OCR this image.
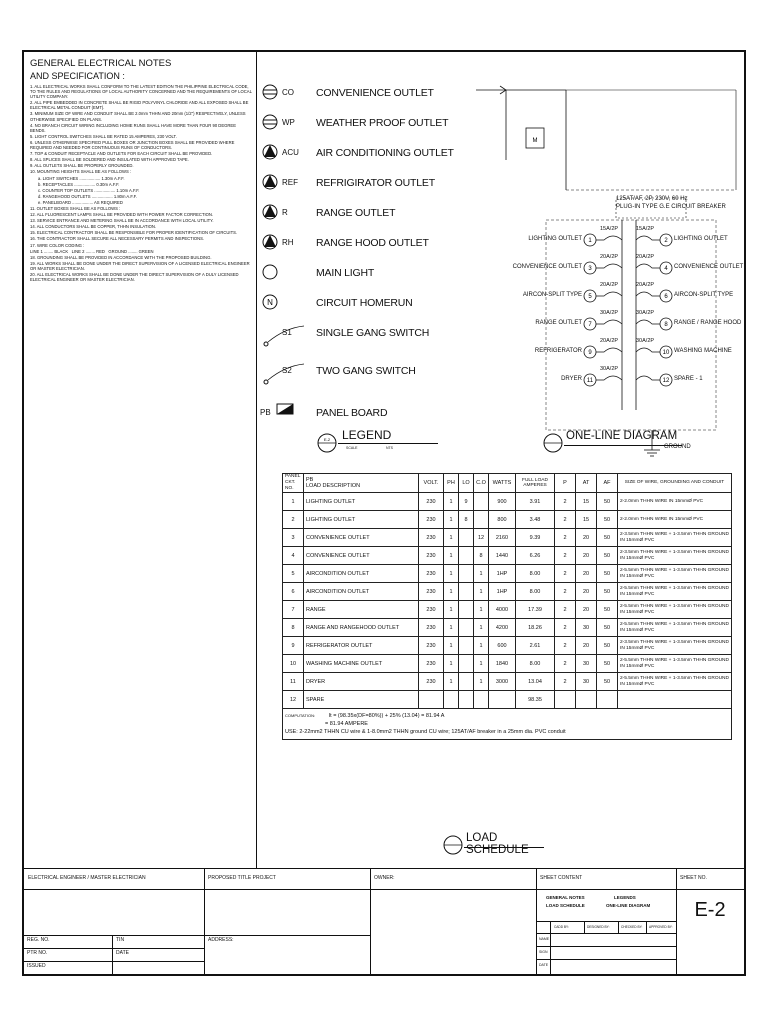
GENERAL ELECTRICAL NOTES
AND SPECIFICATION :
1. ALL ELECTRICAL WORKS SHALL CONFORM TO THE LATEST EDITION THE PHILIPPINE ELECTRICAL CODE, TO THE RULES AND REGULATIONS OF LOCAL AUTHORITY CONCERNED AND THE REQUIREMENTS OF LOCAL UTILITY COMPANY.
2. ALL PIPE EMBEDDED IN CONCRETE SHALL BE RIGID POLYVINYL CHLORIDE AND ALL EXPOSED SHALL BE ELECTRICAL METAL CONDUIT (EMT).
3. MINIMUM SIZE OF WIRE AND CONDUIT SHALL BE 2.0mm THHN AND 20mm (1/2") RESPECTIVELY, UNLESS OTHERWISE SPECIFIED ON PLANS.
4. NO BRANCH CIRCUIT WIRING INCLUDING HOME RUNS SHALL HAVE MORE THAN FOUR 90 DEGREE BENDS.
5. LIGHT CONTROL SWITCHES SHALL BE RATED 15 AMPERES, 230 VOLT.
6. UNLESS OTHERWISE SPECIFIED PULL BOXES OR JUNCTION BOXES SHALL BE PROVIDED WHERE REQUIRED AND NEEDED FOR CONTINUOUS RUNS OF CONDUCTORS.
7. TOP & CONDUIT RECEPTACLE AND OUTLETS FOR EACH CIRCUIT SHALL BE PROVIDED.
8. ALL SPLICES SHALL BE SOLDERED AND INSULATED WITH APPROVED TAPE.
9. ALL OUTLETS SHALL BE PROPERLY GROUNDED.
10. MOUNTING HEIGHTS SHALL BE AS FOLLOWS :
a. LIGHT SWITCHES .................. 1.30m A.F.F.
b. RECEPTACLES .................. 0.30m A.F.F.
c. COUNTER TOP OUTLETS .................. 1.10m A.F.F.
d. RANGEHOOD OUTLETS .................. 1.80m A.F.F.
e. PANELBOARD .................. AS REQUIRED
11. OUTLET BOXES SHALL BE AS FOLLOWS :
12. ALL FLUORESCENT LAMPS SHALL BE PROVIDED WITH POWER FACTOR CORRECTION.
13. SERVICE ENTRANCE AND METERING SHALL BE IN ACCORDANCE WITH LOCAL UTILITY.
14. ALL CONDUCTORS SHALL BE COPPER, THHN INSULATION.
15. ELECTRICAL CONTRACTOR SHALL BE RESPONSIBLE FOR PROPER IDENTIFICATION OF CIRCUITS.
16. THE CONTRACTOR SHALL SECURE ALL NECESSARY PERMITS AND INSPECTIONS.
17. WIRE COLOR CODING :
LINE 1 ........ BLACK   LINE 2 ........ RED   GROUND ........ GREEN
18. GROUNDING SHALL BE PROVIDED IN ACCORDANCE WITH THE PROPOSED BUILDING.
19. ALL WORKS SHALL BE DONE UNDER THE DIRECT SUPERVISION OF A LICENSED ELECTRICAL ENGINEER OR MASTER ELECTRICIAN.
20. ALL ELECTRICAL WORKS SHALL BE DONE UNDER THE DIRECT SUPERVISION OF A DULY LICENSED ELECTRICAL ENGINEER OR MASTER ELECTRICIAN.
CO CONVENIENCE OUTLET
WP WEATHER PROOF OUTLET
ACU AIR CONDITIONING OUTLET
REF REFRIGIRATOR OUTLET
R	RANGE OUTLET
RH RANGE HOOD OUTLET
MAIN LIGHT
N	CIRCUIT HOMERUN
S1 SINGLE GANG SWITCH
S2 TWO GANG SWITCH
PB	PANEL BOARD
E-2 LEGEND
SCALE	NTS
M
1
3
5
7
9
11
2
4
6
8
10
12
125AT/AF, 2P, 230V, 60 Hz
PLUG-IN TYPE G.E CIRCUIT BREAKER
LIGHTING OUTLET
15A/2P
CONVENIENCE OUTLET
20A/2P
AIRCON-SPLIT TYPE
20A/2P
RANGE OUTLET
30A/2P
REFRIGERATOR
20A/2P
DRYER
30A/2P
LIGHTING OUTLET
15A/2P
CONVENIENCE OUTLET
20A/2P
AIRCON-SPLIT TYPE
20A/2P
RANGE / RANGE HOOD
30A/2P
WASHING MACHINE
30A/2P
SPARE - 1
GROUND
ONE-LINE DIAGRAM
PANEL
CKT.
NO.	PB
LOAD DESCRIPTION	VOLT.	PH	LO	C.O	WATTS	FULL LOAD AMPERES	P	AT	AF	SIZE OF WIRE, GROUNDING AND CONDUIT
1	LIGHTING OUTLET	230	1	9		900	3.91	2	15	50	2-2.0mm THHN WIRE IN 15mmØ PVC
2	LIGHTING OUTLET	230	1	8		800	3.48	2	15	50	2-2.0mm THHN WIRE IN 15mmØ PVC
3	CONVENIENCE OUTLET	230	1		12	2160	9.39	2	20	50	2-3.5mm THHN WIRE + 1-3.5mm THHN GROUND IN 15mmØ PVC
4	CONVENIENCE OUTLET	230	1		8	1440	6.26	2	20	50	2-3.5mm THHN WIRE + 1-3.5mm THHN GROUND IN 15mmØ PVC
5	AIRCONDITION OUTLET	230	1		1	1HP	8.00	2	20	50	2-5.5mm THHN WIRE + 1-3.5mm THHN GROUND IN 15mmØ PVC
6	AIRCONDITION OUTLET	230	1		1	1HP	8.00	2	20	50	2-5.5mm THHN WIRE + 1-3.5mm THHN GROUND IN 15mmØ PVC
7	RANGE	230	1		1	4000	17.39	2	20	50	2-5.5mm THHN WIRE + 1-3.5mm THHN GROUND IN 15mmØ PVC
8	RANGE AND RANGEHOOD OUTLET	230	1		1	4200	18.26	2	30	50	2-5.5mm THHN WIRE + 1-3.5mm THHN GROUND IN 15mmØ PVC
9	REFRIGERATOR OUTLET	230	1		1	600	2.61	2	20	50	2-3.5mm THHN WIRE + 1-3.5mm THHN GROUND IN 15mmØ PVC
10	WASHING MACHINE OUTLET	230	1		1	1840	8.00	2	30	50	2-5.5mm THHN WIRE + 1-3.5mm THHN GROUND IN 15mmØ PVC
11	DRYER	230	1		1	3000	13.04	2	30	50	2-5.5mm THHN WIRE + 1-3.5mm THHN GROUND IN 15mmØ PVC
12	SPARE						98.35				
COMPUTATION: It = (98.35x(DF=80%)) + 25% (13.04) = 81.94 A
= 81.94 AMPERE
USE: 2-22mm2 THHN CU wire & 1-8.0mm2 THHN ground CU wire; 125AT/AF breaker in a 25mm dia. PVC conduit											
LOAD SCHEDULE
ELECTRICAL ENGINEER / MASTER ELECTRICIAN	PROPOSED TITLE PROJECT	OWNER:	SHEET CONTENT	SHEET NO.
REG. NO.	TIN
PTR NO.	DATE
ISSUED
ADDRESS:
GENERAL NOTES	LEGENDS
LOAD SCHEDULE	ONE-LINE DIAGRAM
CADD BY:	DESIGNED BY:	CHECKED BY: APPROVED BY:
NAME
SIGN
DATE
E-2
